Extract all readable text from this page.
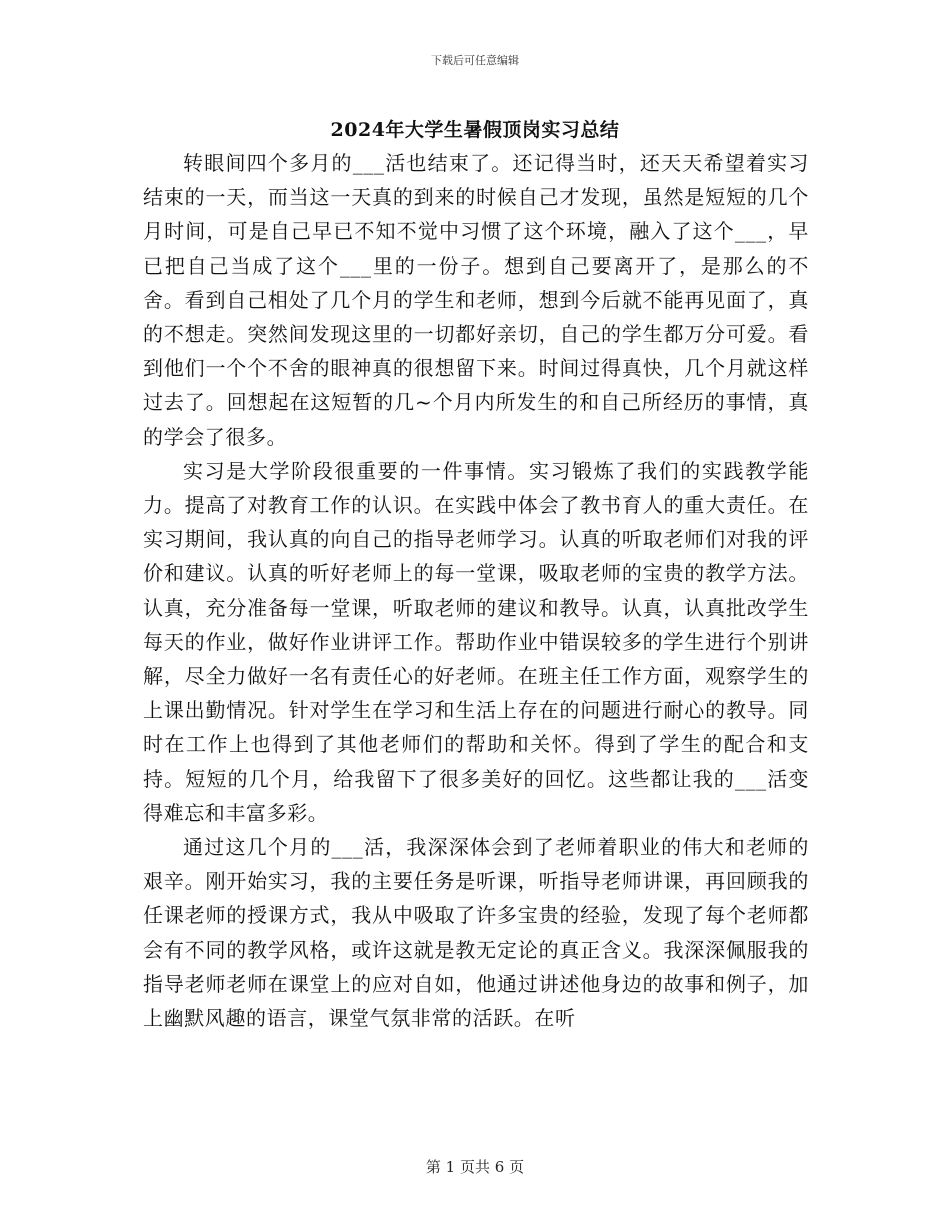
下载后可任意编辑
2024年大学生暑假顶岗实习总结

转眼间四个多月的___活也结束了。还记得当时，还天天希望着实习结束的一天，而当这一天真的到来的时候自己才发现，虽然是短短的几个月时间，可是自己早已不知不觉中习惯了这个环境，融入了这个___，早已把自己当成了这个___里的一份子。想到自己要离开了，是那么的不舍。看到自己相处了几个月的学生和老师，想到今后就不能再见面了，真的不想走。突然间发现这里的一切都好亲切，自己的学生都万分可爱。看到他们一个个不舍的眼神真的很想留下来。时间过得真快，几个月就这样过去了。回想起在这短暂的几~个月内所发生的和自己所经历的事情，真的学会了很多。

实习是大学阶段很重要的一件事情。实习锻炼了我们的实践教学能力。提高了对教育工作的认识。在实践中体会了教书育人的重大责任。在实习期间，我认真的向自己的指导老师学习。认真的听取老师们对我的评价和建议。认真的听好老师上的每一堂课，吸取老师的宝贵的教学方法。认真，充分准备每一堂课，听取老师的建议和教导。认真，认真批改学生每天的作业，做好作业讲评工作。帮助作业中错误较多的学生进行个别讲解，尽全力做好一名有责任心的好老师。在班主任工作方面，观察学生的上课出勤情况。针对学生在学习和生活上存在的问题进行耐心的教导。同时在工作上也得到了其他老师们的帮助和关怀。得到了学生的配合和支持。短短的几个月，给我留下了很多美好的回忆。这些都让我的___活变得难忘和丰富多彩。

通过这几个月的___活，我深深体会到了老师着职业的伟大和老师的艰辛。刚开始实习，我的主要任务是听课，听指导老师讲课，再回顾我的任课老师的授课方式，我从中吸取了许多宝贵的经验，发现了每个老师都会有不同的教学风格，或许这就是教无定论的真正含义。我深深佩服我的指导老师老师在课堂上的应对自如，他通过讲述他身边的故事和例子，加上幽默风趣的语言，课堂气氛非常的活跃。在听

第 1 页共 6 页
